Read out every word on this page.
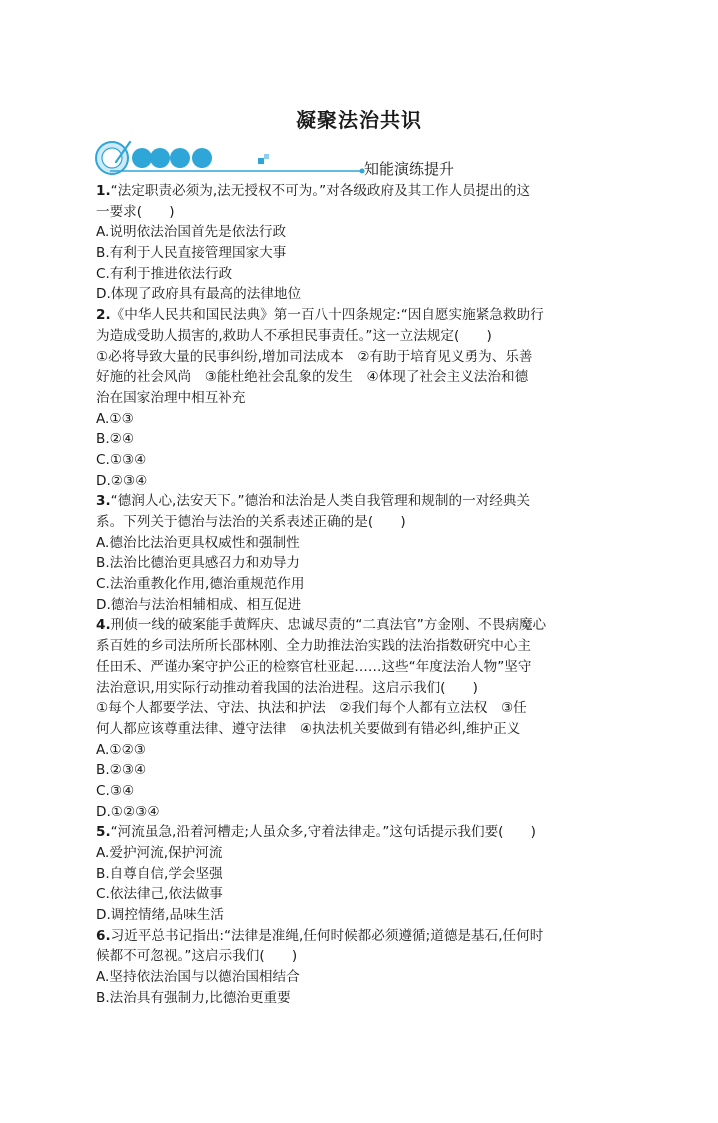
凝聚法治共识
知能演练提升
1.“法定职责必须为,法无授权不可为。”对各级政府及其工作人员提出的这
一要求(　　)
A.说明依法治国首先是依法行政
B.有利于人民直接管理国家大事
C.有利于推进依法行政
D.体现了政府具有最高的法律地位
2.《中华人民共和国民法典》第一百八十四条规定:“因自愿实施紧急救助行
为造成受助人损害的,救助人不承担民事责任。”这一立法规定(　　)
①必将导致大量的民事纠纷,增加司法成本　②有助于培育见义勇为、乐善
好施的社会风尚　③能杜绝社会乱象的发生　④体现了社会主义法治和德
治在国家治理中相互补充
A.①③
B.②④
C.①③④
D.②③④
3.“德润人心,法安天下。”德治和法治是人类自我管理和规制的一对经典关
系。下列关于德治与法治的关系表述正确的是(　　)
A.德治比法治更具权威性和强制性
B.法治比德治更具感召力和劝导力
C.法治重教化作用,德治重规范作用
D.德治与法治相辅相成、相互促进
4.刑侦一线的破案能手黄辉庆、忠诚尽责的“二真法官”方金刚、不畏病魔心
系百姓的乡司法所所长邵林刚、全力助推法治实践的法治指数研究中心主
任田禾、严谨办案守护公正的检察官杜亚起……这些“年度法治人物”坚守
法治意识,用实际行动推动着我国的法治进程。这启示我们(　　)
①每个人都要学法、守法、执法和护法　②我们每个人都有立法权　③任
何人都应该尊重法律、遵守法律　④执法机关要做到有错必纠,维护正义
A.①②③
B.②③④
C.③④
D.①②③④
5.“河流虽急,沿着河槽走;人虽众多,守着法律走。”这句话提示我们要(　　)
A.爱护河流,保护河流
B.自尊自信,学会坚强
C.依法律己,依法做事
D.调控情绪,品味生活
6.习近平总书记指出:“法律是准绳,任何时候都必须遵循;道德是基石,任何时
候都不可忽视。”这启示我们(　　)
A.坚持依法治国与以德治国相结合
B.法治具有强制力,比德治更重要
